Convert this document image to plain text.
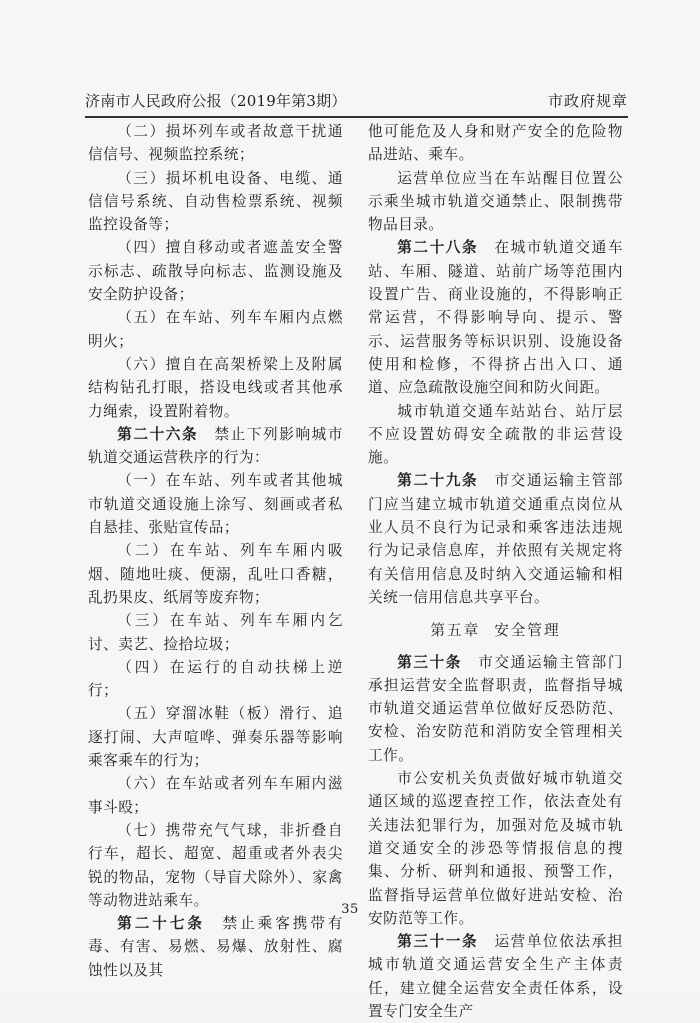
济南市人民政府公报（2019年第3期）	市政府规章

（二）损坏列车或者故意干扰通信信号、视频监控系统；

（三）损坏机电设备、电缆、通信信号系统、自动售检票系统、视频监控设备等；

（四）擅自移动或者遮盖安全警示标志、疏散导向标志、监测设施及安全防护设备；

（五）在车站、列车车厢内点燃明火；

（六）擅自在高架桥梁上及附属结构钻孔打眼，搭设电线或者其他承力绳索，设置附着物。

第二十六条  禁止下列影响城市轨道交通运营秩序的行为：

（一）在车站、列车或者其他城市轨道交通设施上涂写、刻画或者私自悬挂、张贴宣传品；

（二）在车站、列车车厢内吸烟、随地吐痰、便溺，乱吐口香糖，乱扔果皮、纸屑等废弃物；

（三）在车站、列车车厢内乞讨、卖艺、捡拾垃圾；

（四）在运行的自动扶梯上逆行；

（五）穿溜冰鞋（板）滑行、追逐打闹、大声喧哗、弹奏乐器等影响乘客乘车的行为；

（六）在车站或者列车车厢内滋事斗殴；

（七）携带充气气球，非折叠自行车，超长、超宽、超重或者外表尖锐的物品，宠物（导盲犬除外）、家禽等动物进站乘车。

第二十七条  禁止乘客携带有毒、有害、易燃、易爆、放射性、腐蚀性以及其

他可能危及人身和财产安全的危险物品进站、乘车。

运营单位应当在车站醒目位置公示乘坐城市轨道交通禁止、限制携带物品目录。

第二十八条  在城市轨道交通车站、车厢、隧道、站前广场等范围内设置广告、商业设施的，不得影响正常运营，不得影响导向、提示、警示、运营服务等标识识别、设施设备使用和检修，不得挤占出入口、通道、应急疏散设施空间和防火间距。

城市轨道交通车站站台、站厅层不应设置妨碍安全疏散的非运营设施。

第二十九条  市交通运输主管部门应当建立城市轨道交通重点岗位从业人员不良行为记录和乘客违法违规行为记录信息库，并依照有关规定将有关信用信息及时纳入交通运输和相关统一信用信息共享平台。

第五章 安全管理

第三十条  市交通运输主管部门承担运营安全监督职责，监督指导城市轨道交通运营单位做好反恐防范、安检、治安防范和消防安全管理相关工作。

市公安机关负责做好城市轨道交通区域的巡逻查控工作，依法查处有关违法犯罪行为，加强对危及城市轨道交通安全的涉恐等情报信息的搜集、分析、研判和通报、预警工作，监督指导运营单位做好进站安检、治安防范等工作。

第三十一条  运营单位依法承担城市轨道交通运营安全生产主体责任，建立健全运营安全责任体系，设置专门安全生产

35
